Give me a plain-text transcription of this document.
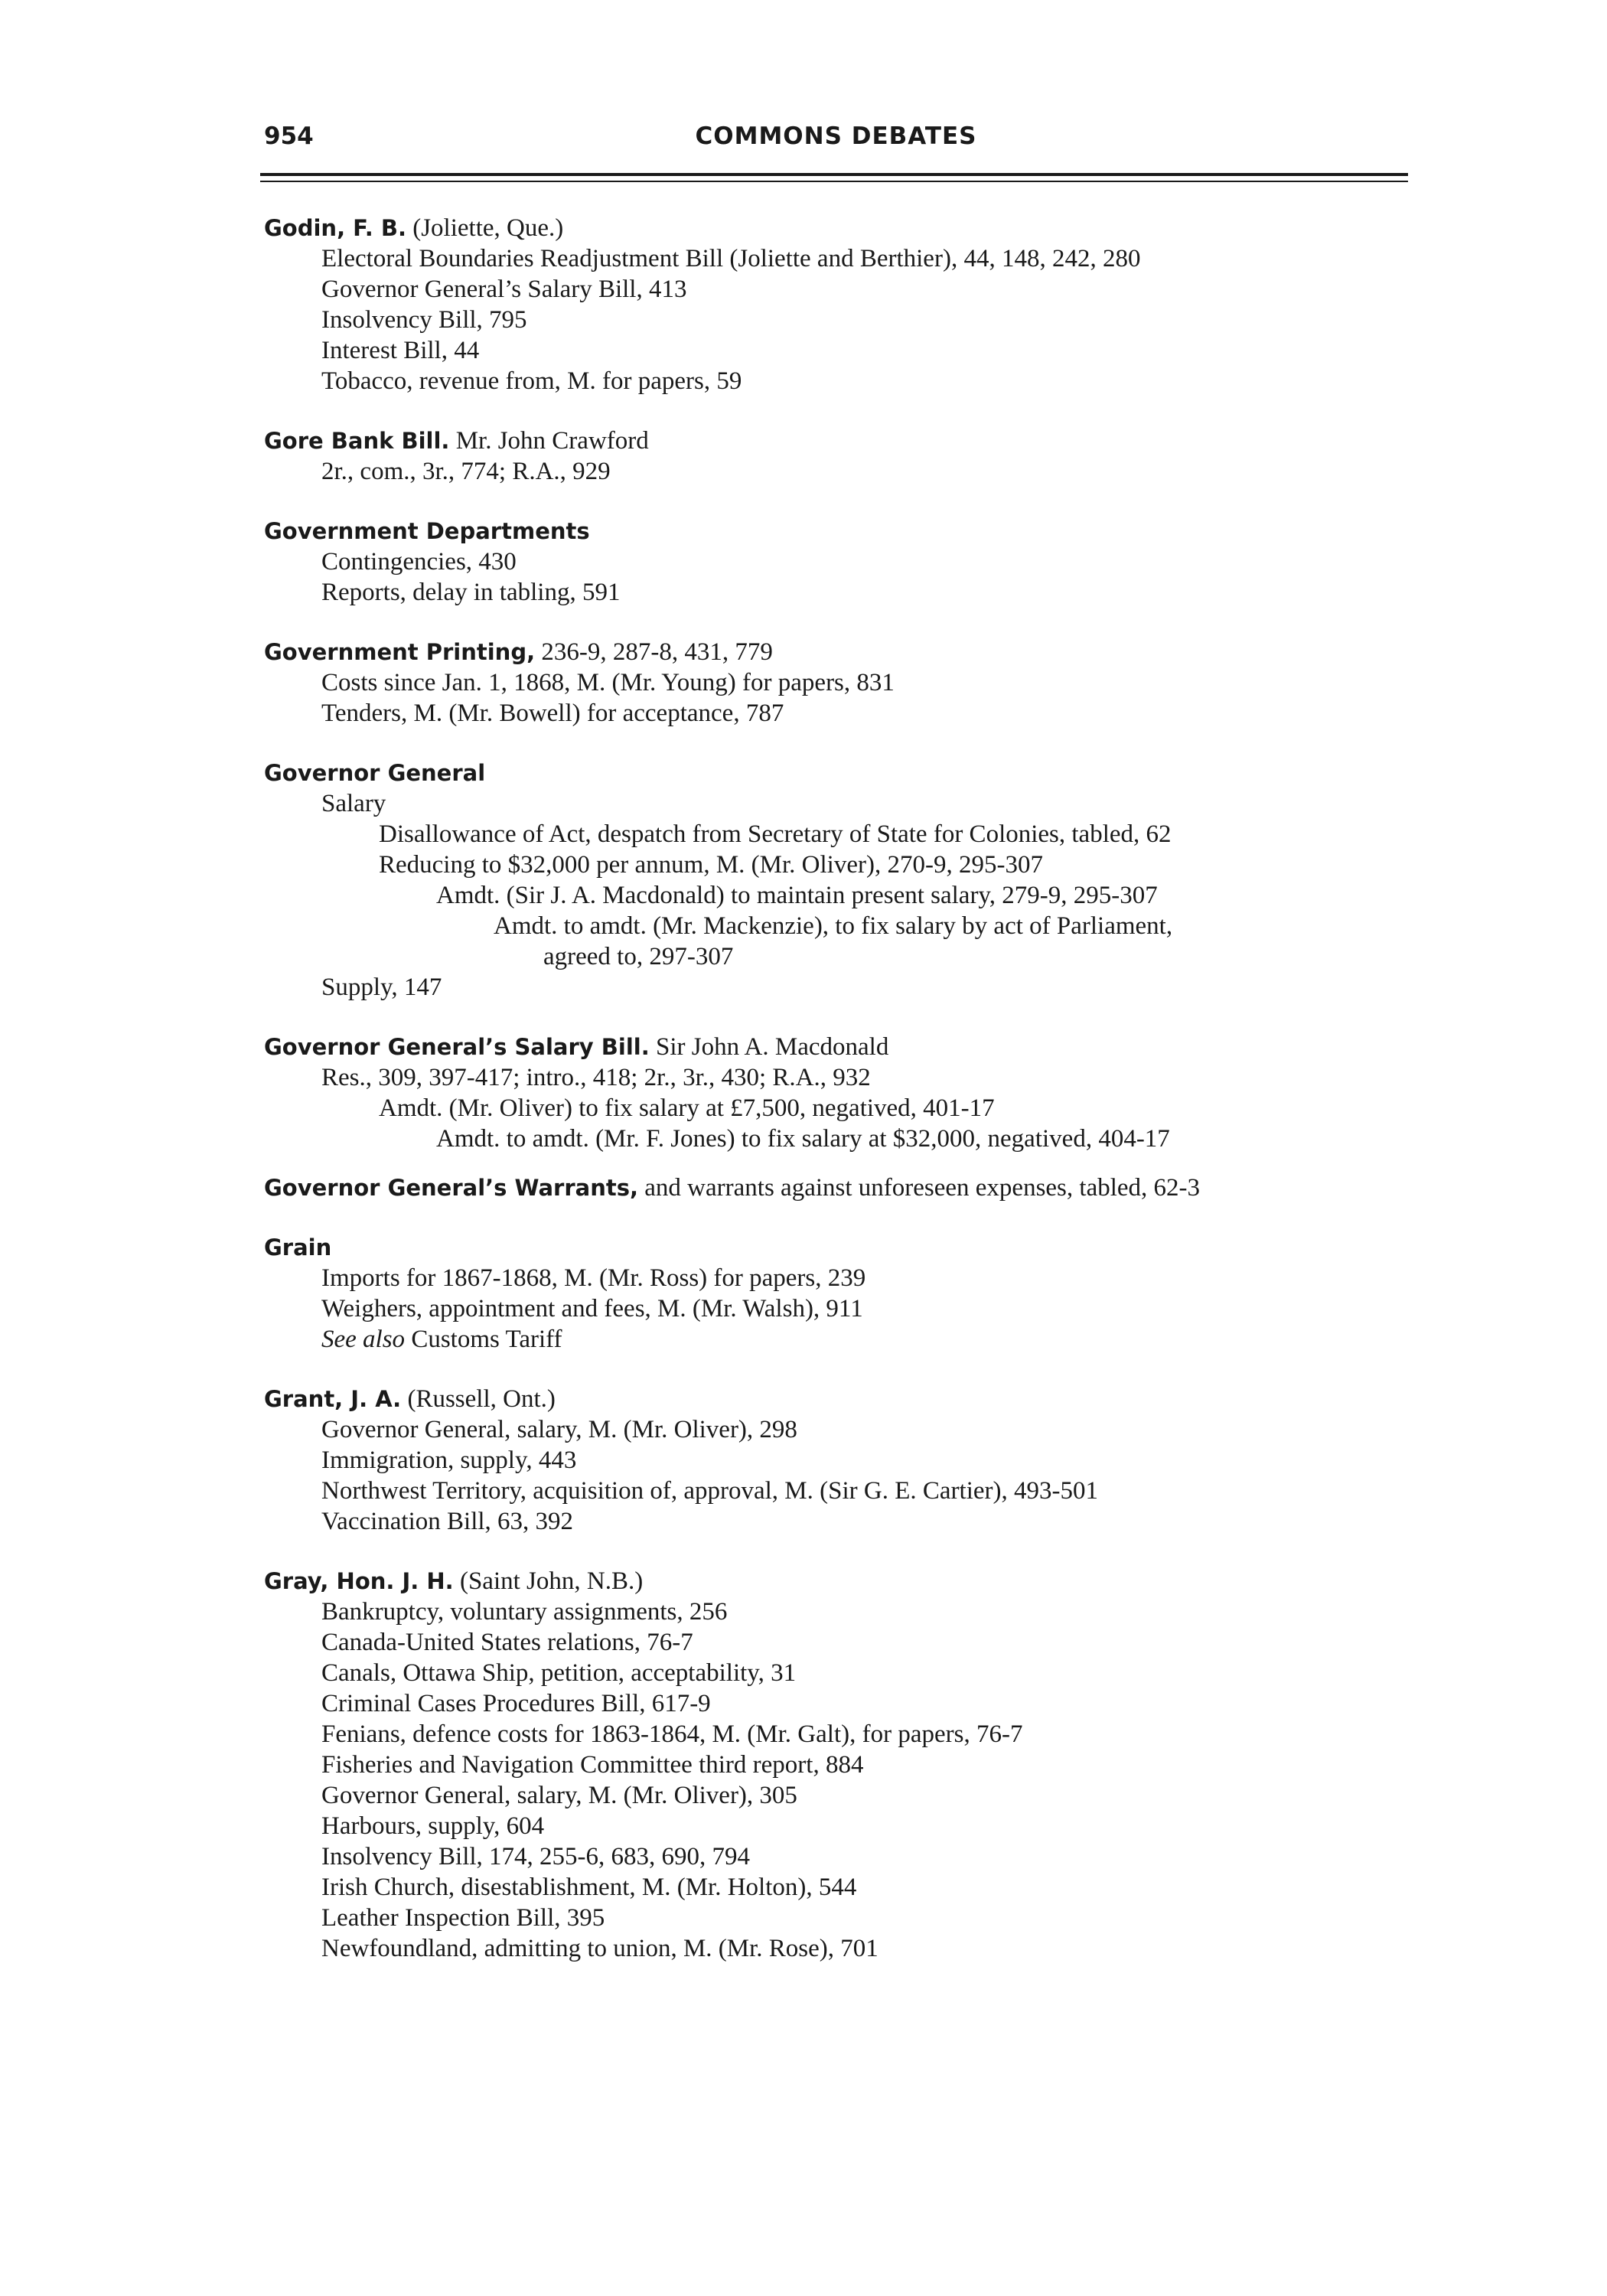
954	COMMONS DEBATES
Godin, F. B. (Joliette, Que.)
Electoral Boundaries Readjustment Bill (Joliette and Berthier), 44, 148, 242, 280
Governor General’s Salary Bill, 413
Insolvency Bill, 795
Interest Bill, 44
Tobacco, revenue from, M. for papers, 59
Gore Bank Bill. Mr. John Crawford
2r., com., 3r., 774; R.A., 929
Government Departments
Contingencies, 430
Reports, delay in tabling, 591
Government Printing, 236-9, 287-8, 431, 779
Costs since Jan. 1, 1868, M. (Mr. Young) for papers, 831
Tenders, M. (Mr. Bowell) for acceptance, 787
Governor General
Salary
Disallowance of Act, despatch from Secretary of State for Colonies, tabled, 62
Reducing to $32,000 per annum, M. (Mr. Oliver), 270-9, 295-307
Amdt. (Sir J. A. Macdonald) to maintain present salary, 279-9, 295-307
Amdt. to amdt. (Mr. Mackenzie), to fix salary by act of Parliament,
agreed to, 297-307
Supply, 147
Governor General’s Salary Bill. Sir John A. Macdonald
Res., 309, 397-417; intro., 418; 2r., 3r., 430; R.A., 932
Amdt. (Mr. Oliver) to fix salary at £7,500, negatived, 401-17
Amdt. to amdt. (Mr. F. Jones) to fix salary at $32,000, negatived, 404-17
Governor General’s Warrants, and warrants against unforeseen expenses, tabled, 62-3
Grain
Imports for 1867-1868, M. (Mr. Ross) for papers, 239
Weighers, appointment and fees, M. (Mr. Walsh), 911
See also Customs Tariff
Grant, J. A. (Russell, Ont.)
Governor General, salary, M. (Mr. Oliver), 298
Immigration, supply, 443
Northwest Territory, acquisition of, approval, M. (Sir G. E. Cartier), 493-501
Vaccination Bill, 63, 392
Gray, Hon. J. H. (Saint John, N.B.)
Bankruptcy, voluntary assignments, 256
Canada-United States relations, 76-7
Canals, Ottawa Ship, petition, acceptability, 31
Criminal Cases Procedures Bill, 617-9
Fenians, defence costs for 1863-1864, M. (Mr. Galt), for papers, 76-7
Fisheries and Navigation Committee third report, 884
Governor General, salary, M. (Mr. Oliver), 305
Harbours, supply, 604
Insolvency Bill, 174, 255-6, 683, 690, 794
Irish Church, disestablishment, M. (Mr. Holton), 544
Leather Inspection Bill, 395
Newfoundland, admitting to union, M. (Mr. Rose), 701
